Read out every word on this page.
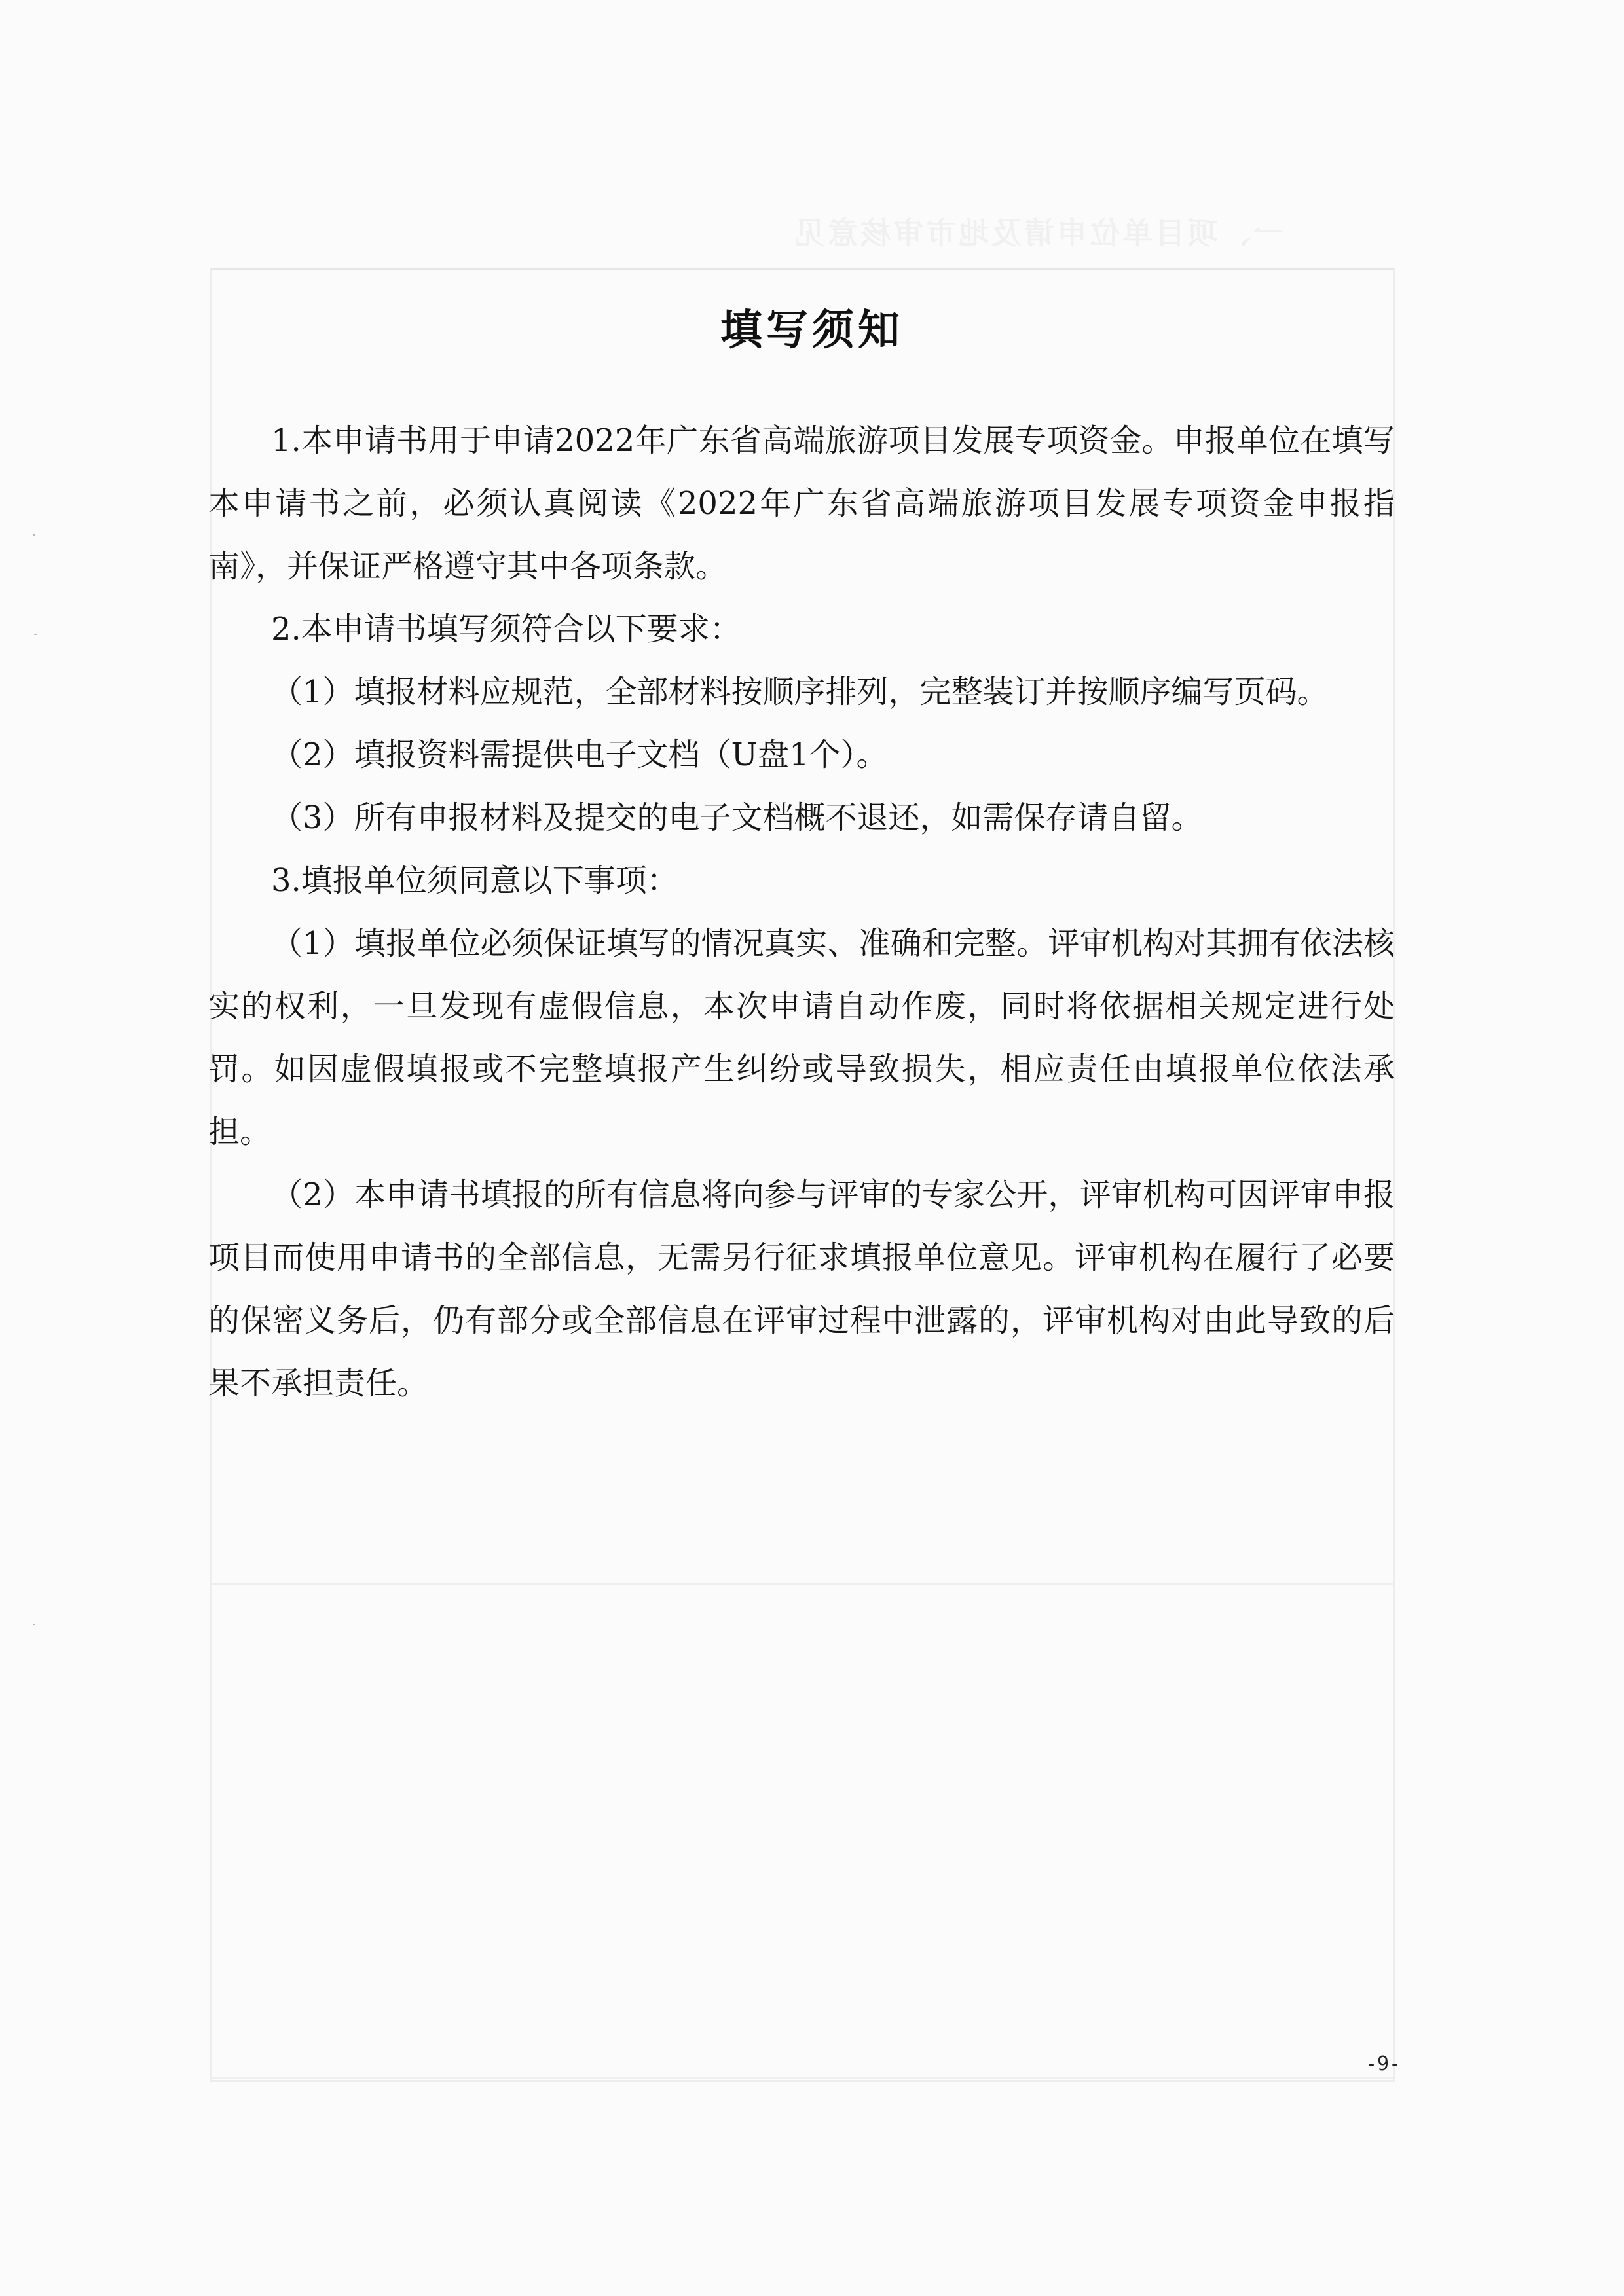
一、项目单位申请及地市审核意见
填写须知

1.本申请书用于申请2022年广东省高端旅游项目发展专项资金。申报单位在填写本申请书之前，必须认真阅读《2022年广东省高端旅游项目发展专项资金申报指南》，并保证严格遵守其中各项条款。

2.本申请书填写须符合以下要求：

（1）填报材料应规范，全部材料按顺序排列，完整装订并按顺序编写页码。

（2）填报资料需提供电子文档（U盘1个）。

（3）所有申报材料及提交的电子文档概不退还，如需保存请自留。

3.填报单位须同意以下事项：

（1）填报单位必须保证填写的情况真实、准确和完整。评审机构对其拥有依法核实的权利，一旦发现有虚假信息，本次申请自动作废，同时将依据相关规定进行处罚。如因虚假填报或不完整填报产生纠纷或导致损失，相应责任由填报单位依法承担。

（2）本申请书填报的所有信息将向参与评审的专家公开，评审机构可因评审申报项目而使用申请书的全部信息，无需另行征求填报单位意见。评审机构在履行了必要的保密义务后，仍有部分或全部信息在评审过程中泄露的，评审机构对由此导致的后果不承担责任。

-9-
